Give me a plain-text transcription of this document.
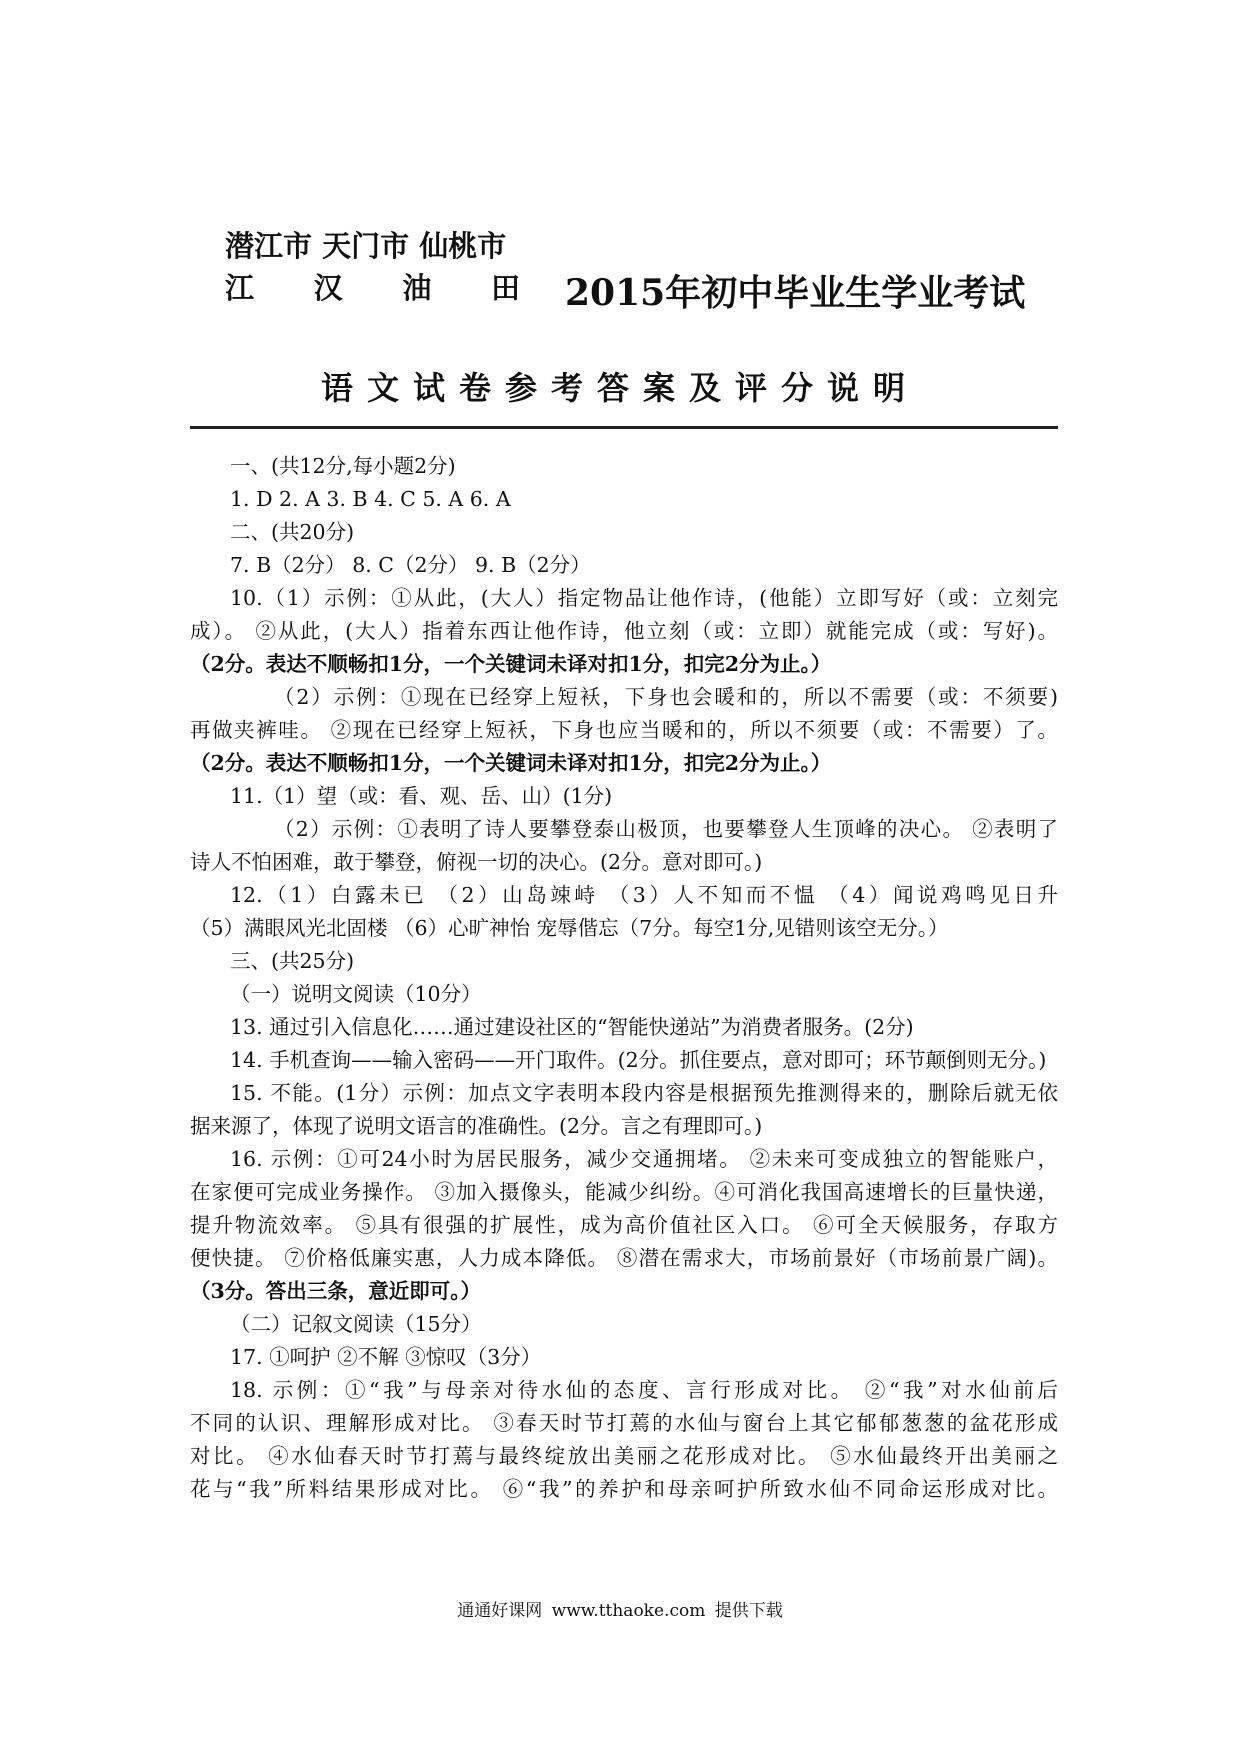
潜江市 天门市 仙桃市
江 汉 油 田 2015年初中毕业生学业考试
语文试卷参考答案及评分说明
一、(共12分,每小题2分)
1. D 2. A 3. B 4. C 5. A 6. A
二、(共20分)
7. B（2分） 8. C（2分） 9. B（2分）
10.（1）示例：①从此，(大人）指定物品让他作诗，(他能）立即写好（或：立刻完
成）。 ②从此，(大人）指着东西让他作诗，他立刻（或：立即）就能完成（或：写好)。
（2分。表达不顺畅扣1分，一个关键词未译对扣1分，扣完2分为止。）
（2）示例：①现在已经穿上短袄，下身也会暖和的，所以不需要（或：不须要)
再做夹裤哇。 ②现在已经穿上短袄，下身也应当暖和的，所以不须要（或：不需要）了。
（2分。表达不顺畅扣1分，一个关键词未译对扣1分，扣完2分为止。）
11.（1）望（或：看、观、岳、山）(1分)
（2）示例：①表明了诗人要攀登泰山极顶，也要攀登人生顶峰的决心。 ②表明了
诗人不怕困难，敢于攀登，俯视一切的决心。(2分。意对即可。)
12.（1）白露未已 （2）山岛竦峙 （3）人不知而不愠 （4）闻说鸡鸣见日升
（5）满眼风光北固楼 （6）心旷神怡 宠辱偕忘（7分。每空1分,见错则该空无分。）
三、(共25分)
（一）说明文阅读（10分）
13. 通过引入信息化……通过建设社区的“智能快递站”为消费者服务。(2分)
14. 手机查询——输入密码——开门取件。(2分。抓住要点，意对即可；环节颠倒则无分。)
15. 不能。(1分）示例：加点文字表明本段内容是根据预先推测得来的，删除后就无依
据来源了，体现了说明文语言的准确性。(2分。言之有理即可。)
16. 示例：①可24小时为居民服务，减少交通拥堵。 ②未来可变成独立的智能账户，
在家便可完成业务操作。 ③加入摄像头，能减少纠纷。④可消化我国高速增长的巨量快递，
提升物流效率。 ⑤具有很强的扩展性，成为高价值社区入口。 ⑥可全天候服务，存取方
便快捷。 ⑦价格低廉实惠，人力成本降低。 ⑧潜在需求大，市场前景好（市场前景广阔)。
（3分。答出三条，意近即可。）
（二）记叙文阅读（15分）
17. ①呵护 ②不解 ③惊叹（3分）
18. 示例：①“我”与母亲对待水仙的态度、言行形成对比。 ②“我”对水仙前后
不同的认识、理解形成对比。 ③春天时节打蔫的水仙与窗台上其它郁郁葱葱的盆花形成
对比。 ④水仙春天时节打蔫与最终绽放出美丽之花形成对比。 ⑤水仙最终开出美丽之
花与“我”所料结果形成对比。 ⑥“我”的养护和母亲呵护所致水仙不同命运形成对比。
通通好课网 www.tthaoke.com 提供下载
